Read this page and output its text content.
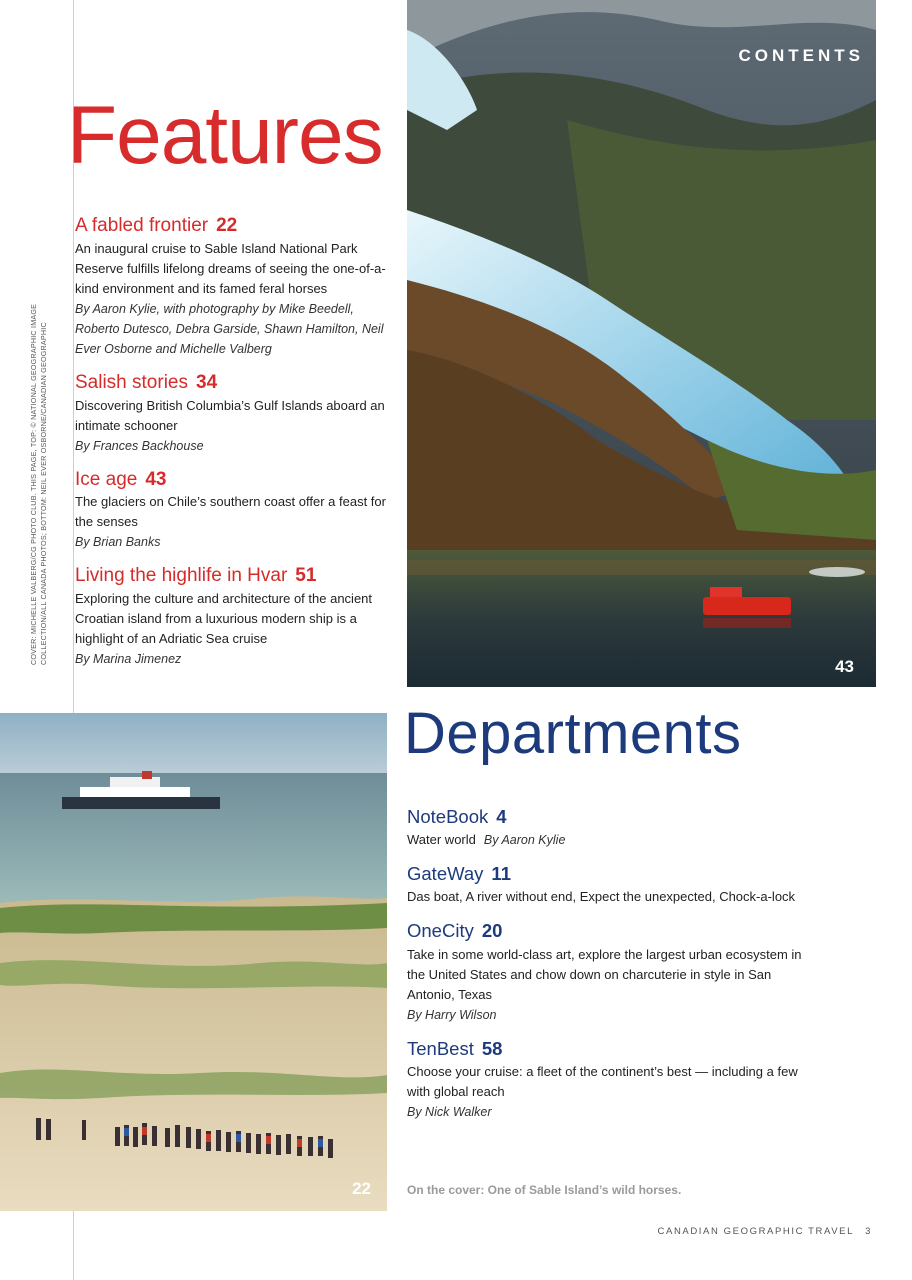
COVER: MICHELLE VALBERG/CG PHOTO CLUB. THIS PAGE, TOP: © NATIONAL GEOGRAPHIC IMAGE COLLECTION/ALL CANADA PHOTOS; BOTTOM: NEIL EVER OSBORNE/CANADIAN GEOGRAPHIC
Features
A fabled frontier 22

An inaugural cruise to Sable Island National Park Reserve fulfills lifelong dreams of seeing the one-of-a-kind environment and its famed feral horses

By Aaron Kylie, with photography by Mike Beedell, Roberto Dutesco, Debra Garside, Shawn Hamilton, Neil Ever Osborne and Michelle Valberg
Salish stories 34

Discovering British Columbia’s Gulf Islands aboard an intimate schooner

By Frances Backhouse
Ice age 43

The glaciers on Chile’s southern coast offer a feast for the senses

By Brian Banks
Living the highlife in Hvar 51

Exploring the culture and architecture of the ancient Croatian island from a luxurious modern ship is a highlight of an Adriatic Sea cruise

By Marina Jimenez
CONTENTS
43
22
Departments
NoteBook 4

Water world By Aaron Kylie

GateWay 11

Das boat, A river without end, Expect the unexpected, Chock-a-lock

OneCity 20

Take in some world-class art, explore the largest urban ecosystem in the United States and chow down on charcuterie in style in San Antonio, Texas

By Harry Wilson
TenBest 58

Choose your cruise: a fleet of the continent’s best — including a few with global reach

By Nick Walker
On the cover: One of Sable Island’s wild horses.
CANADIAN GEOGRAPHIC TRAVEL 3
